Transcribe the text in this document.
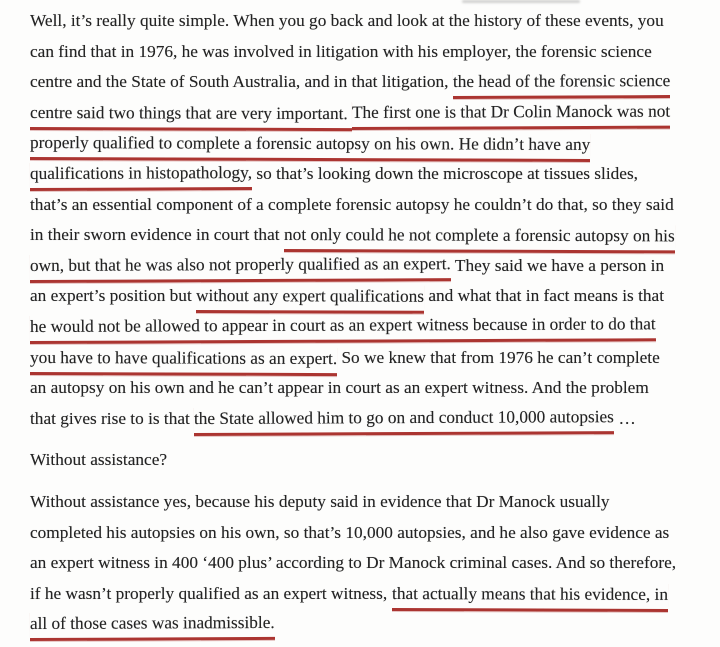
Well, it’s really quite simple. When you go back and look at the history of these events, you
can find that in 1976, he was involved in litigation with his employer, the forensic science
centre and the State of South Australia, and in that litigation, the head of the forensic science
centre said two things that are very important. The first one is that Dr Colin Manock was not
properly qualified to complete a forensic autopsy on his own. He didn’t have any
qualifications in histopathology, so that’s looking down the microscope at tissues slides,
that’s an essential component of a complete forensic autopsy he couldn’t do that, so they said
in their sworn evidence in court that not only could he not complete a forensic autopsy on his
own, but that he was also not properly qualified as an expert. They said we have a person in
an expert’s position but without any expert qualifications and what that in fact means is that
he would not be allowed to appear in court as an expert witness because in order to do that
you have to have qualifications as an expert. So we knew that from 1976 he can’t complete
an autopsy on his own and he can’t appear in court as an expert witness. And the problem
that gives rise to is that the State allowed him to go on and conduct 10,000 autopsies …
Without assistance?
Without assistance yes, because his deputy said in evidence that Dr Manock usually
completed his autopsies on his own, so that’s 10,000 autopsies, and he also gave evidence as
an expert witness in 400 ‘400 plus’ according to Dr Manock criminal cases. And so therefore,
if he wasn’t properly qualified as an expert witness, that actually means that his evidence, in
all of those cases was inadmissible.
